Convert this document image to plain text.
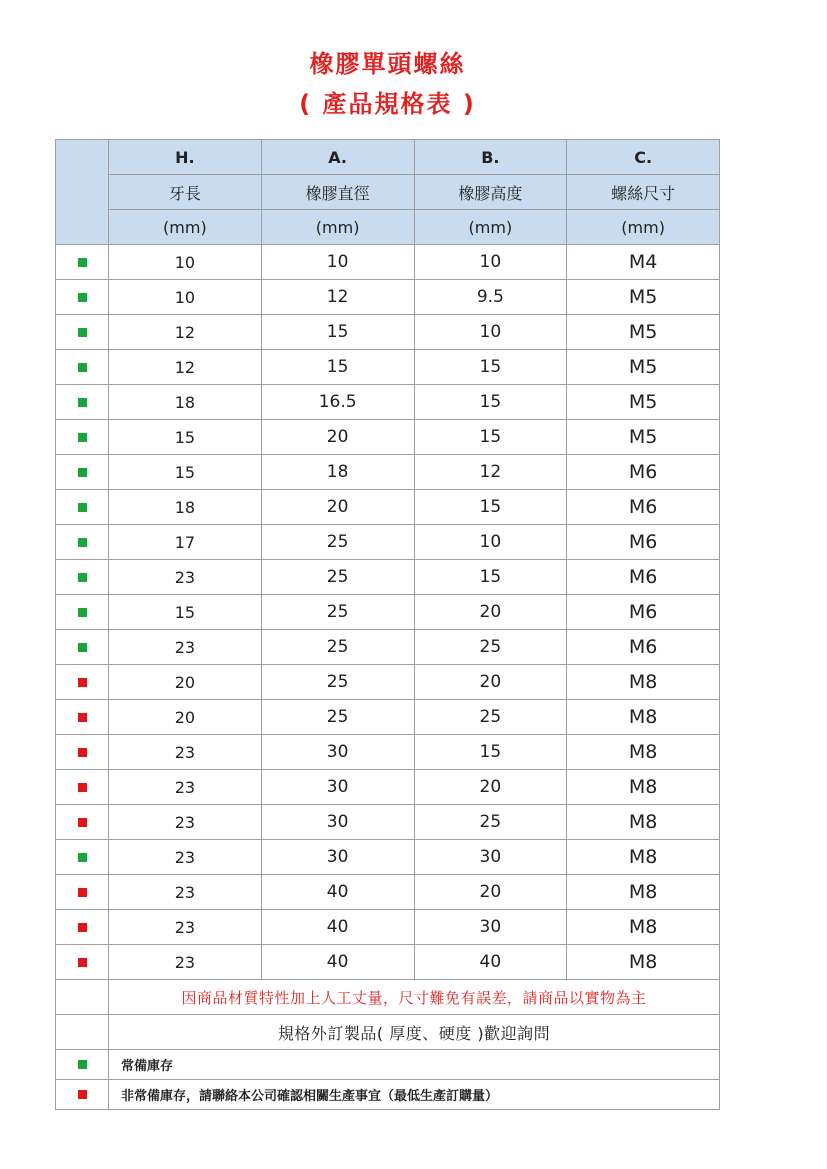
橡膠單頭螺絲
( 產品規格表 )
	H.	A.	B.	C.
	牙長	橡膠直徑	橡膠高度	螺絲尺寸
	(mm)	(mm)	(mm)	(mm)
	10	10	10	M4
	10	12	9.5	M5
	12	15	10	M5
	12	15	15	M5
	18	16.5	15	M5
	15	20	15	M5
	15	18	12	M6
	18	20	15	M6
	17	25	10	M6
	23	25	15	M6
	15	25	20	M6
	23	25	25	M6
	20	25	20	M8
	20	25	25	M8
	23	30	15	M8
	23	30	20	M8
	23	30	25	M8
	23	30	30	M8
	23	40	20	M8
	23	40	30	M8
	23	40	40	M8
	因商品材質特性加上人工丈量，尺寸難免有誤差，請商品以實物為主			
	規格外訂製品( 厚度、硬度 )歡迎詢問			
	常備庫存			
	非常備庫存，請聯絡本公司確認相關生產事宜（最低生產訂購量）			
